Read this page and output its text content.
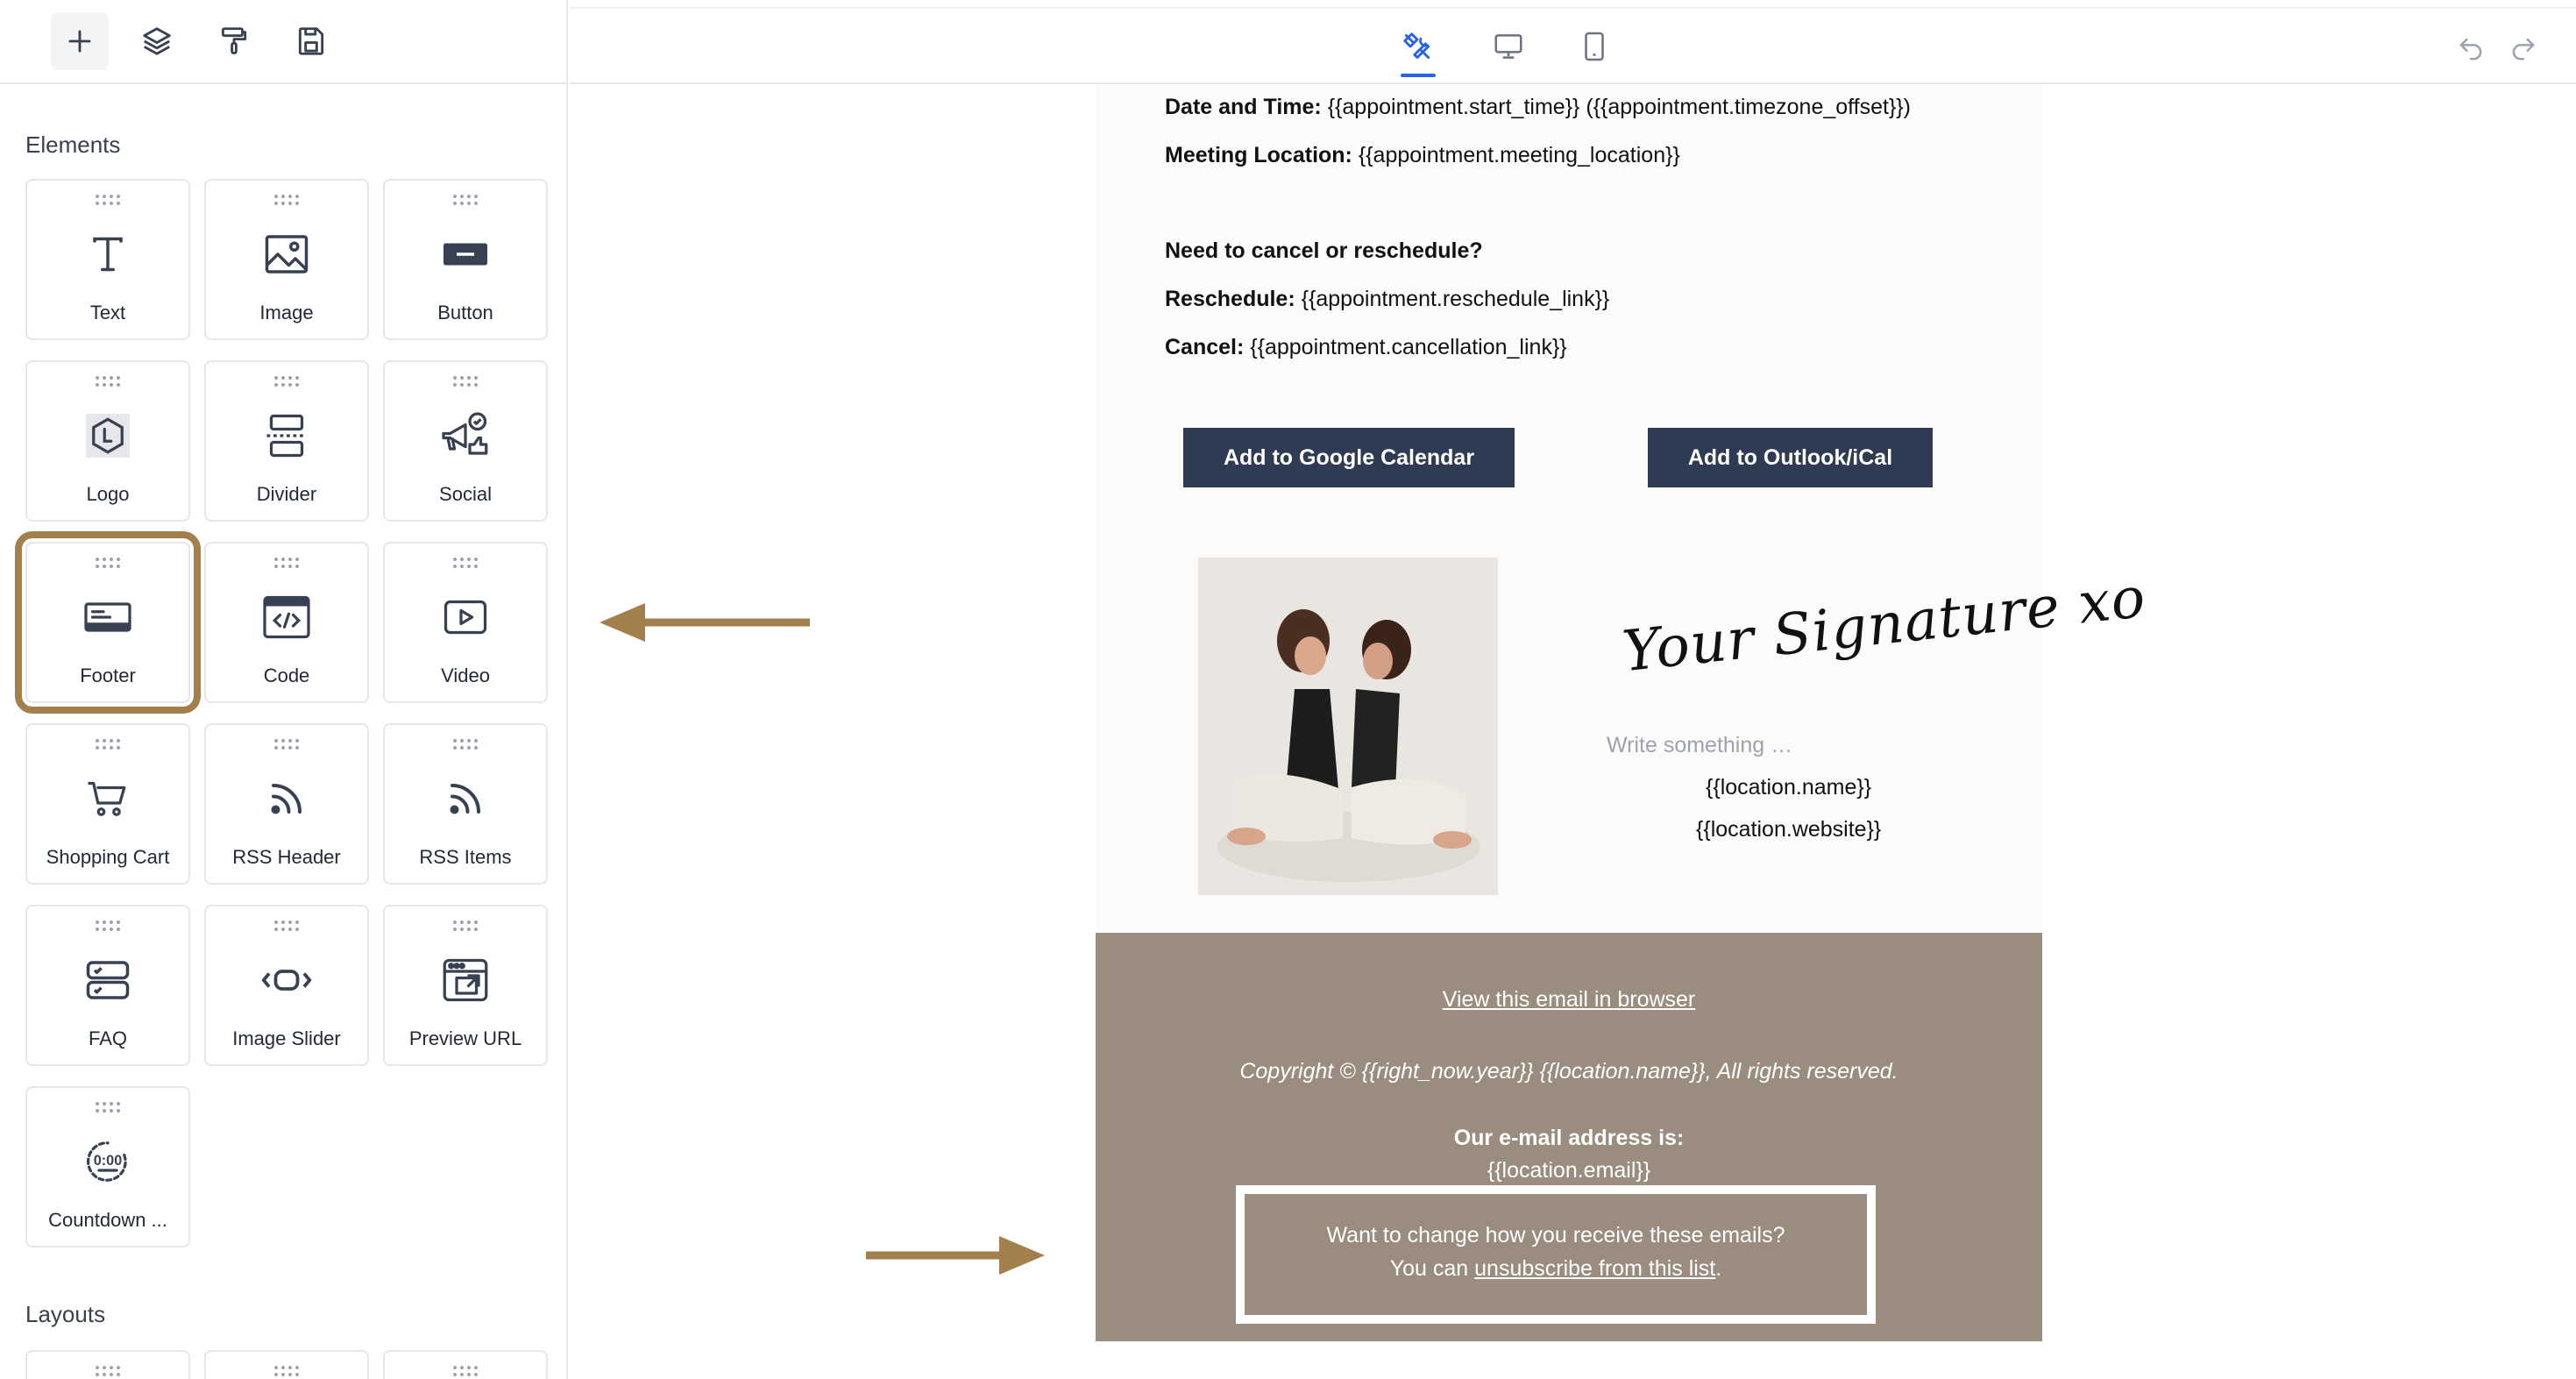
Elements
Text	Image	Button
Logo	Divider	Social
Footer	Code	Video
Shopping Cart	RSS Header	RSS Items
FAQ	Image Slider	Preview URL
0:00
Countdown ...
Layouts
Date and Time: {{appointment.start_time}} ({{appointment.timezone_offset}})
Meeting Location: {{appointment.meeting_location}}
Need to cancel or reschedule?
Reschedule: {{appointment.reschedule_link}}
Cancel: {{appointment.cancellation_link}}
Add to Google Calendar	Add to Outlook/iCal
Your Signature xo
Write something …
{{location.name}}
{{location.website}}
View this email in browser
Copyright © {{right_now.year}} {{location.name}}, All rights reserved.
Our e-mail address is:
{{location.email}}
Want to change how you receive these emails?
You can unsubscribe from this list.
